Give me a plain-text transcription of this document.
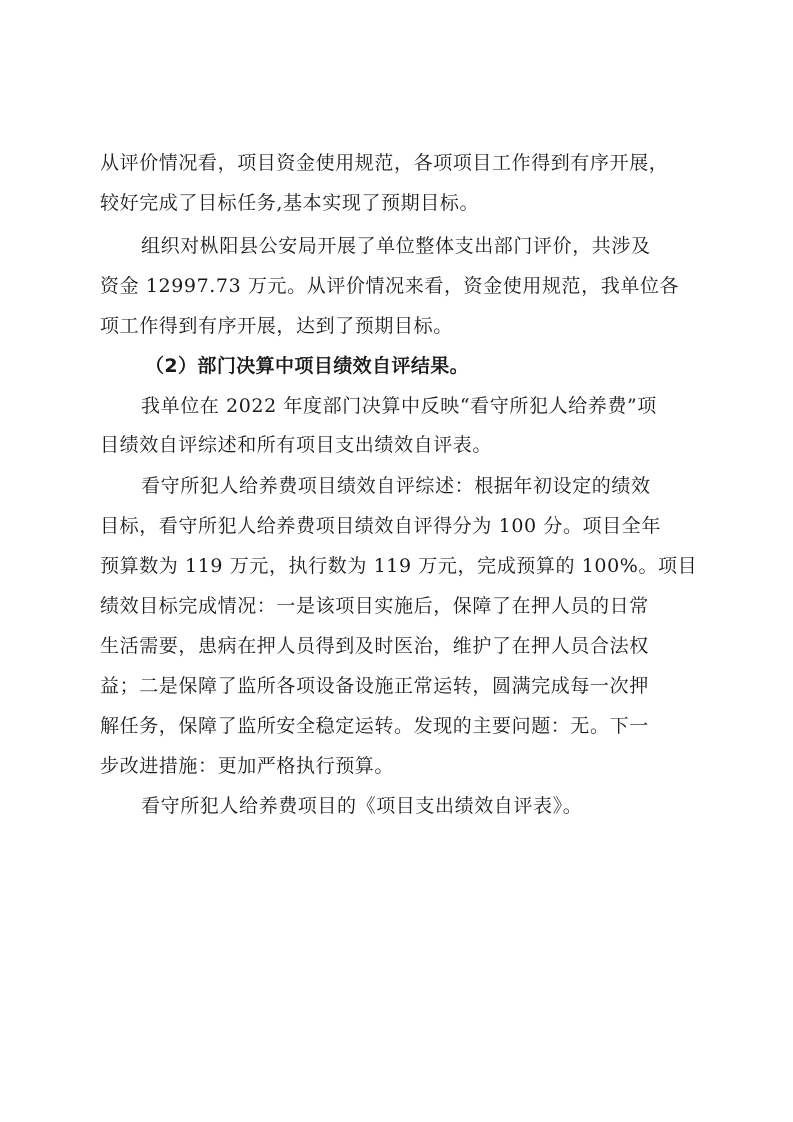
从评价情况看，项目资金使用规范，各项项目工作得到有序开展，
较好完成了目标任务,基本实现了预期目标。
组织对枞阳县公安局开展了单位整体支出部门评价，共涉及
资金 12997.73 万元。从评价情况来看，资金使用规范，我单位各
项工作得到有序开展，达到了预期目标。
（2）部门决算中项目绩效自评结果。
我单位在 2022 年度部门决算中反映“看守所犯人给养费”项
目绩效自评综述和所有项目支出绩效自评表。
看守所犯人给养费项目绩效自评综述：根据年初设定的绩效
目标，看守所犯人给养费项目绩效自评得分为 100 分。项目全年
预算数为 119 万元，执行数为 119 万元，完成预算的 100%。项目
绩效目标完成情况：一是该项目实施后，保障了在押人员的日常
生活需要，患病在押人员得到及时医治，维护了在押人员合法权
益；二是保障了监所各项设备设施正常运转，圆满完成每一次押
解任务，保障了监所安全稳定运转。发现的主要问题：无。下一
步改进措施：更加严格执行预算。
看守所犯人给养费项目的《项目支出绩效自评表》。
